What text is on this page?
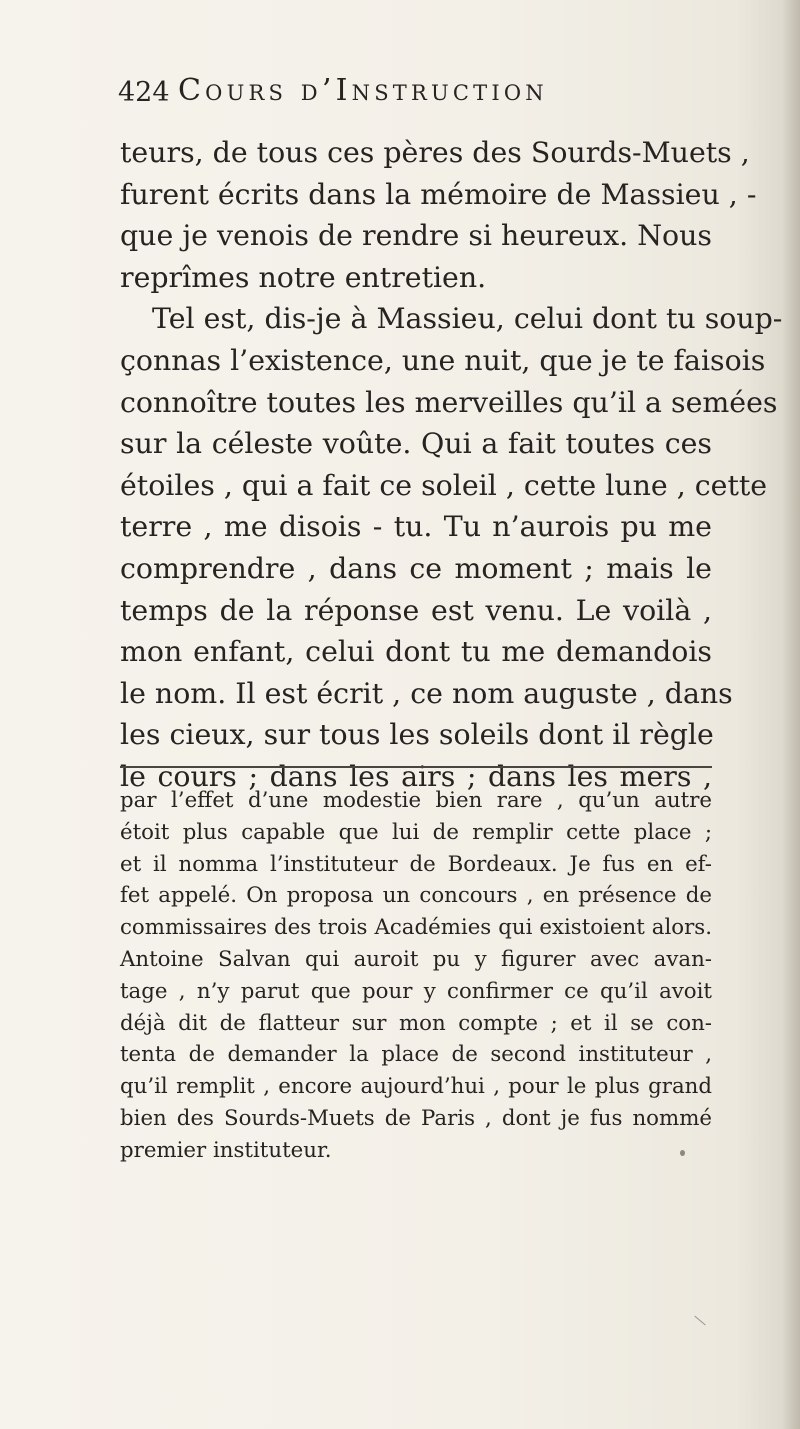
424 Cours d’Instruction
teurs, de tous ces pères des Sourds-Muets ,
furent écrits dans la mémoire de Massieu , -
que je venois de rendre si heureux. Nous
reprîmes notre entretien.
Tel est, dis-je à Massieu, celui dont tu soup-
çonnas l’existence, une nuit, que je te faisois
connoître toutes les merveilles qu’il a semées
sur la céleste voûte. Qui a fait toutes ces
étoiles , qui a fait ce soleil , cette lune , cette
terre , me disois - tu. Tu n’aurois pu me
comprendre , dans ce moment ; mais le
temps de la réponse est venu. Le voilà ,
mon enfant, celui dont tu me demandois
le nom. Il est écrit , ce nom auguste , dans
les cieux, sur tous les soleils dont il règle
le cours ; dans les airs ; dans les mers ,
par l’effet d’une modestie bien rare , qu’un autre
étoit plus capable que lui de remplir cette place ;
et il nomma l’instituteur de Bordeaux. Je fus en ef-
fet appelé. On proposa un concours , en présence de
commissaires des trois Académies qui existoient alors.
Antoine Salvan qui auroit pu y figurer avec avan-
tage , n’y parut que pour y confirmer ce qu’il avoit
déjà dit de flatteur sur mon compte ; et il se con-
tenta de demander la place de second instituteur ,
qu’il remplit , encore aujourd’hui , pour le plus grand
bien des Sourds-Muets de Paris , dont je fus nommé
premier instituteur.
